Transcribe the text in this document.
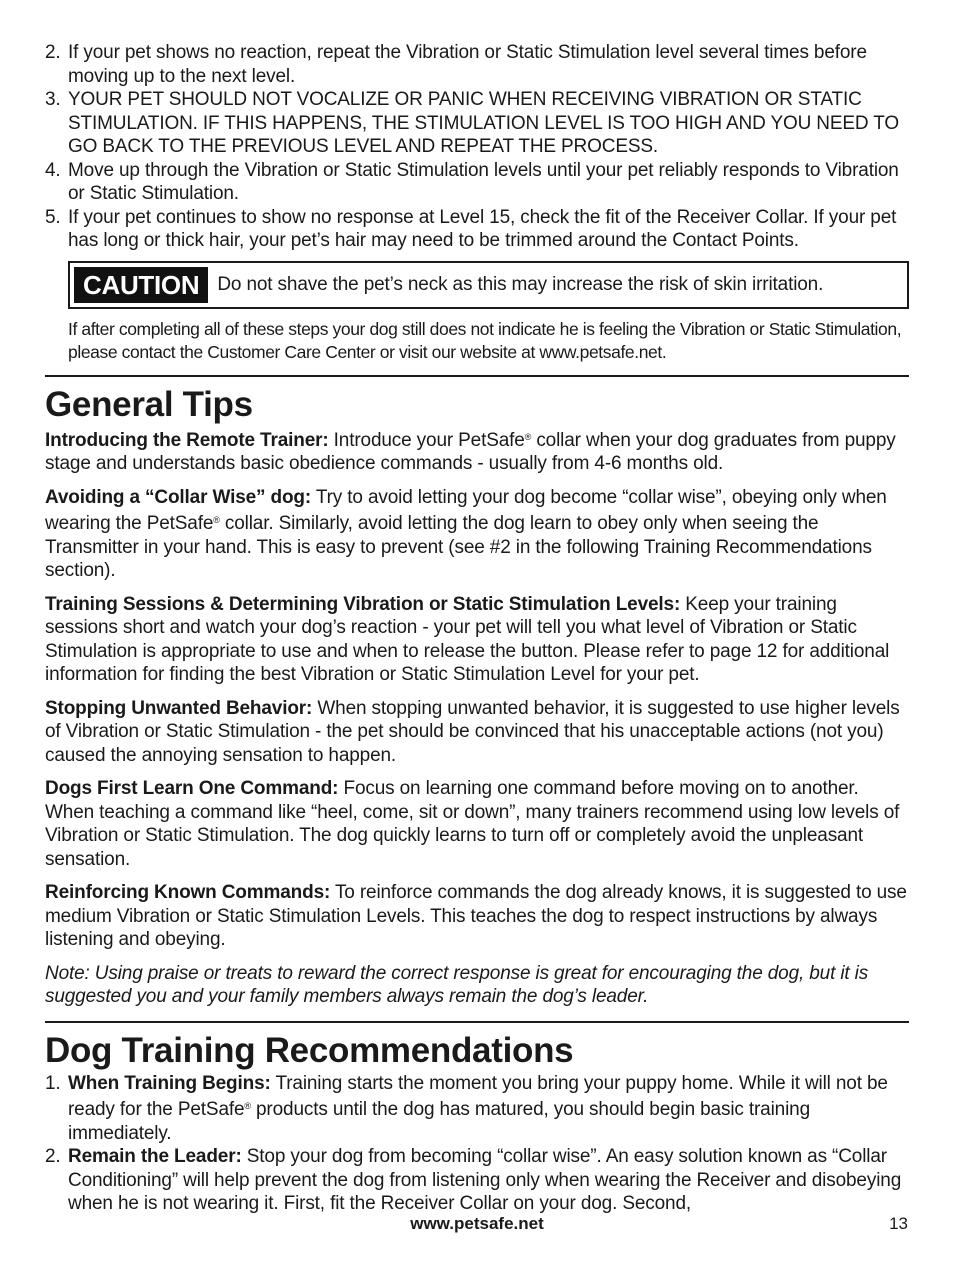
2. If your pet shows no reaction, repeat the Vibration or Static Stimulation level several times before moving up to the next level.
3. YOUR PET SHOULD NOT VOCALIZE OR PANIC WHEN RECEIVING VIBRATION OR STATIC STIMULATION. IF THIS HAPPENS, THE STIMULATION LEVEL IS TOO HIGH AND YOU NEED TO GO BACK TO THE PREVIOUS LEVEL AND REPEAT THE PROCESS.
4. Move up through the Vibration or Static Stimulation levels until your pet reliably responds to Vibration or Static Stimulation.
5. If your pet continues to show no response at Level 15, check the fit of the Receiver Collar. If your pet has long or thick hair, your pet’s hair may need to be trimmed around the Contact Points.
CAUTION Do not shave the pet’s neck as this may increase the risk of skin irritation.

If after completing all of these steps your dog still does not indicate he is feeling the Vibration or Static Stimulation, please contact the Customer Care Center or visit our website at www.petsafe.net.

General Tips

Introducing the Remote Trainer: Introduce your PetSafe® collar when your dog graduates from puppy stage and understands basic obedience commands - usually from 4-6 months old.

Avoiding a “Collar Wise” dog: Try to avoid letting your dog become “collar wise”, obeying only when wearing the PetSafe® collar. Similarly, avoid letting the dog learn to obey only when seeing the Transmitter in your hand. This is easy to prevent (see #2 in the following Training Recommendations section).

Training Sessions & Determining Vibration or Static Stimulation Levels: Keep your training sessions short and watch your dog’s reaction - your pet will tell you what level of Vibration or Static Stimulation is appropriate to use and when to release the button. Please refer to page 12 for additional information for finding the best Vibration or Static Stimulation Level for your pet.

Stopping Unwanted Behavior: When stopping unwanted behavior, it is suggested to use higher levels of Vibration or Static Stimulation - the pet should be convinced that his unacceptable actions (not you) caused the annoying sensation to happen.

Dogs First Learn One Command: Focus on learning one command before moving on to another. When teaching a command like “heel, come, sit or down”, many trainers recommend using low levels of Vibration or Static Stimulation. The dog quickly learns to turn off or completely avoid the unpleasant sensation.

Reinforcing Known Commands: To reinforce commands the dog already knows, it is suggested to use medium Vibration or Static Stimulation Levels. This teaches the dog to respect instructions by always listening and obeying.

Note: Using praise or treats to reward the correct response is great for encouraging the dog, but it is suggested you and your family members always remain the dog’s leader.

Dog Training Recommendations
1. When Training Begins: Training starts the moment you bring your puppy home. While it will not be ready for the PetSafe® products until the dog has matured, you should begin basic training immediately.
2. Remain the Leader: Stop your dog from becoming “collar wise”. An easy solution known as “Collar Conditioning” will help prevent the dog from listening only when wearing the Receiver and disobeying when he is not wearing it. First, fit the Receiver Collar on your dog. Second,
www.petsafe.net	13
